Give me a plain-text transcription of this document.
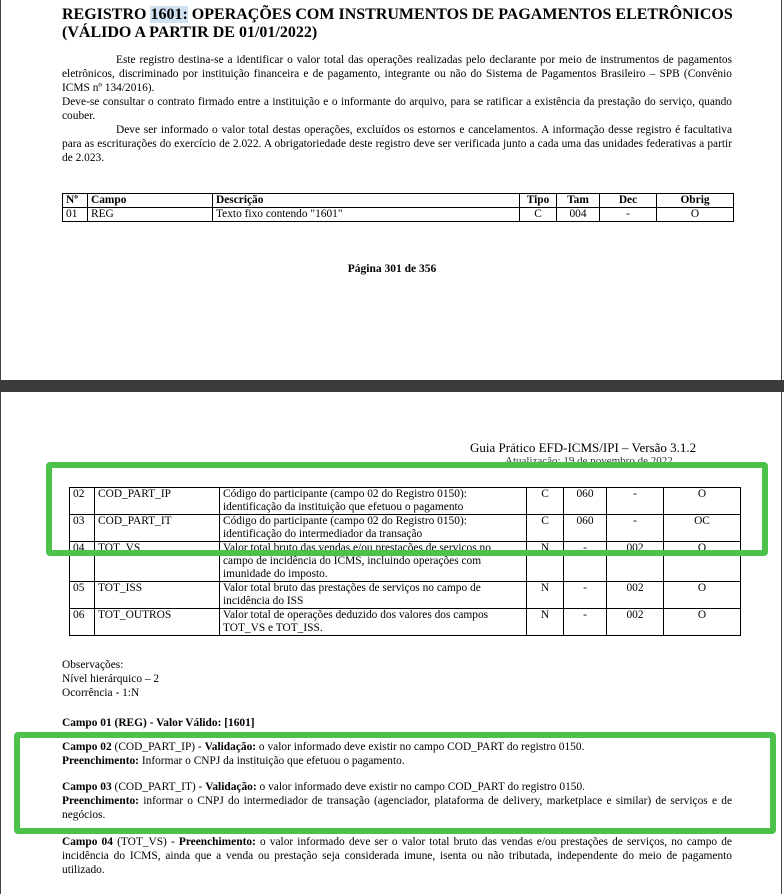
REGISTRO 1601: OPERAÇÕES COM INSTRUMENTOS DE PAGAMENTOS ELETRÔNICOS
(VÁLIDO A PARTIR DE 01/01/2022)
Este registro destina-se a identificar o valor total das operações realizadas pelo declarante por meio de instrumentos de pagamentos eletrônicos, discriminado por instituição financeira e de pagamento, integrante ou não do Sistema de Pagamentos Brasileiro – SPB (Convênio ICMS nº 134/2016).
Deve-se consultar o contrato firmado entre a instituição e o informante do arquivo, para se ratificar a existência da prestação do serviço, quando couber.
Deve ser informado o valor total destas operações, excluídos os estornos e cancelamentos. A informação desse registro é facultativa para as escriturações do exercício de 2.022. A obrigatoriedade deste registro deve ser verificada junto a cada uma das unidades federativas a partir de 2.023.
Nº	Campo	Descrição	Tipo	Tam	Dec	Obrig
01	REG	Texto fixo contendo "1601"	C	004	-	O
Página 301 de 356
Guia Prático EFD-ICMS/IPI – Versão 3.1.2
Atualização: 19 de novembro de 2022
02	COD_PART_IP	Código do participante (campo 02 do Registro 0150): identificação da instituição que efetuou o pagamento	C	060	-	O
03	COD_PART_IT	Código do participante (campo 02 do Registro 0150): identificação do intermediador da transação	C	060	-	OC
04	TOT_VS	Valor total bruto das vendas e/ou prestações de serviços no campo de incidência do ICMS, incluindo operações com imunidade do imposto.	N	-	002	O
05	TOT_ISS	Valor total bruto das prestações de serviços no campo de incidência do ISS	N	-	002	O
06	TOT_OUTROS	Valor total de operações deduzido dos valores dos campos TOT_VS e TOT_ISS.	N	-	002	O
Observações:
Nível hierárquico – 2
Ocorrência - 1:N
Campo 01 (REG) - Valor Válido: [1601]
Campo 02 (COD_PART_IP) - Validação: o valor informado deve existir no campo COD_PART do registro 0150.
Preenchimento: Informar o CNPJ da instituição que efetuou o pagamento.
Campo 03 (COD_PART_IT) - Validação: o valor informado deve existir no campo COD_PART do registro 0150.
Preenchimento: informar o CNPJ do intermediador de transação (agenciador, plataforma de delivery, marketplace e similar) de serviços e de negócios.
Campo 04 (TOT_VS) - Preenchimento: o valor informado deve ser o valor total bruto das vendas e/ou prestações de serviços, no campo de incidência do ICMS, ainda que a venda ou prestação seja considerada imune, isenta ou não tributada, independente do meio de pagamento utilizado.
